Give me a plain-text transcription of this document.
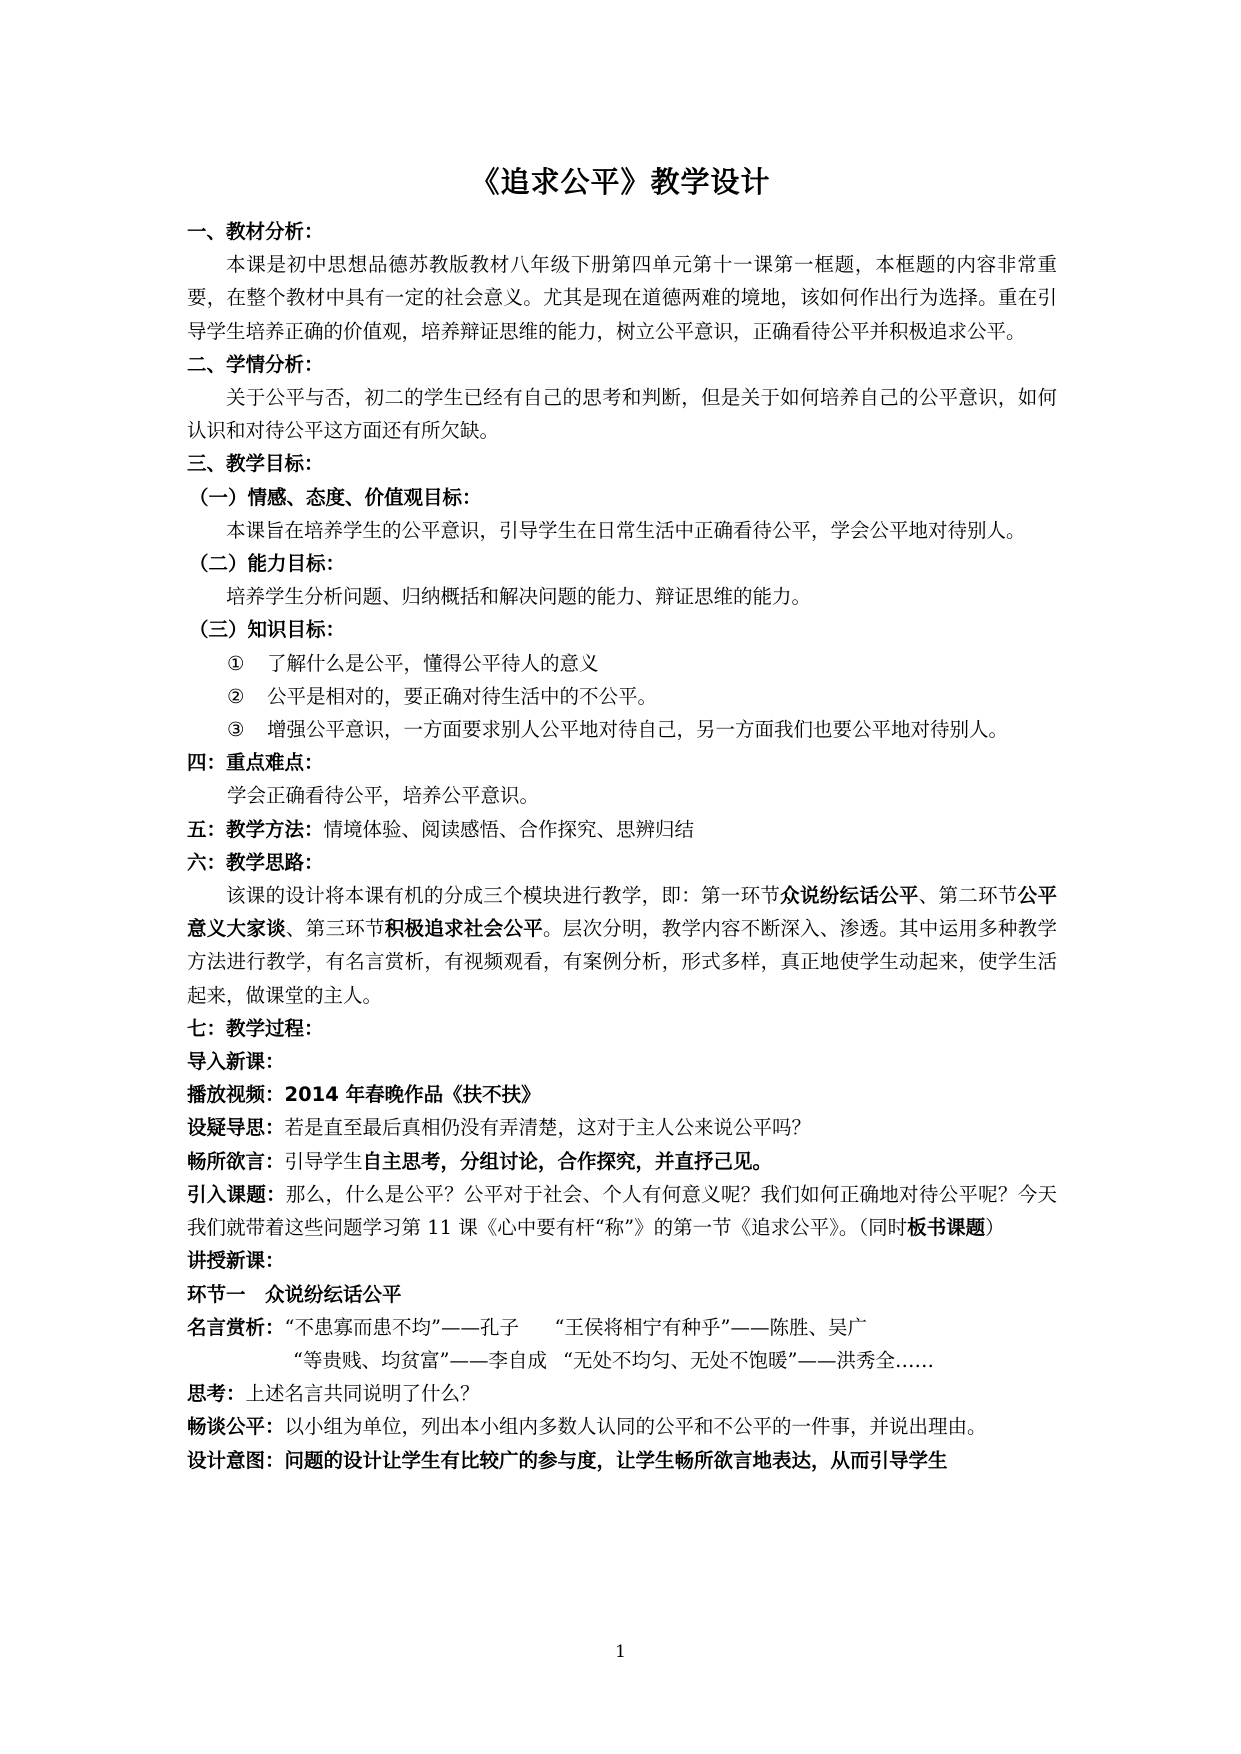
《追求公平》教学设计

一、教材分析：

本课是初中思想品德苏教版教材八年级下册第四单元第十一课第一框题，本框题的内容非常重要，在整个教材中具有一定的社会意义。尤其是现在道德两难的境地，该如何作出行为选择。重在引导学生培养正确的价值观，培养辩证思维的能力，树立公平意识，正确看待公平并积极追求公平。

二、学情分析：

关于公平与否，初二的学生已经有自己的思考和判断，但是关于如何培养自己的公平意识，如何认识和对待公平这方面还有所欠缺。

三、教学目标：

（一）情感、态度、价值观目标：

本课旨在培养学生的公平意识，引导学生在日常生活中正确看待公平，学会公平地对待别人。

（二）能力目标：

培养学生分析问题、归纳概括和解决问题的能力、辩证思维的能力。

（三）知识目标：

① 了解什么是公平，懂得公平待人的意义

② 公平是相对的，要正确对待生活中的不公平。

③ 增强公平意识，一方面要求别人公平地对待自己，另一方面我们也要公平地对待别人。

四：重点难点：

学会正确看待公平，培养公平意识。

五：教学方法：情境体验、阅读感悟、合作探究、思辨归结

六：教学思路：

该课的设计将本课有机的分成三个模块进行教学，即：第一环节众说纷纭话公平、第二环节公平意义大家谈、第三环节积极追求社会公平。层次分明，教学内容不断深入、渗透。其中运用多种教学方法进行教学，有名言赏析，有视频观看，有案例分析，形式多样，真正地使学生动起来，使学生活起来，做课堂的主人。

七：教学过程：

导入新课：

播放视频：2014 年春晚作品《扶不扶》

设疑导思：若是直至最后真相仍没有弄清楚，这对于主人公来说公平吗？

畅所欲言：引导学生自主思考，分组讨论，合作探究，并直抒己见。

引入课题：那么，什么是公平？公平对于社会、个人有何意义呢？我们如何正确地对待公平呢？今天我们就带着这些问题学习第 11 课《心中要有杆“称”》的第一节《追求公平》。（同时板书课题）

讲授新课：

环节一　众说纷纭话公平

名言赏析：“不患寡而患不均”——孔子 “王侯将相宁有种乎”——陈胜、吴广

“等贵贱、均贫富”——李自成 “无处不均匀、无处不饱暖”——洪秀全……

思考：上述名言共同说明了什么？

畅谈公平：以小组为单位，列出本小组内多数人认同的公平和不公平的一件事，并说出理由。

设计意图：问题的设计让学生有比较广的参与度，让学生畅所欲言地表达，从而引导学生

1
